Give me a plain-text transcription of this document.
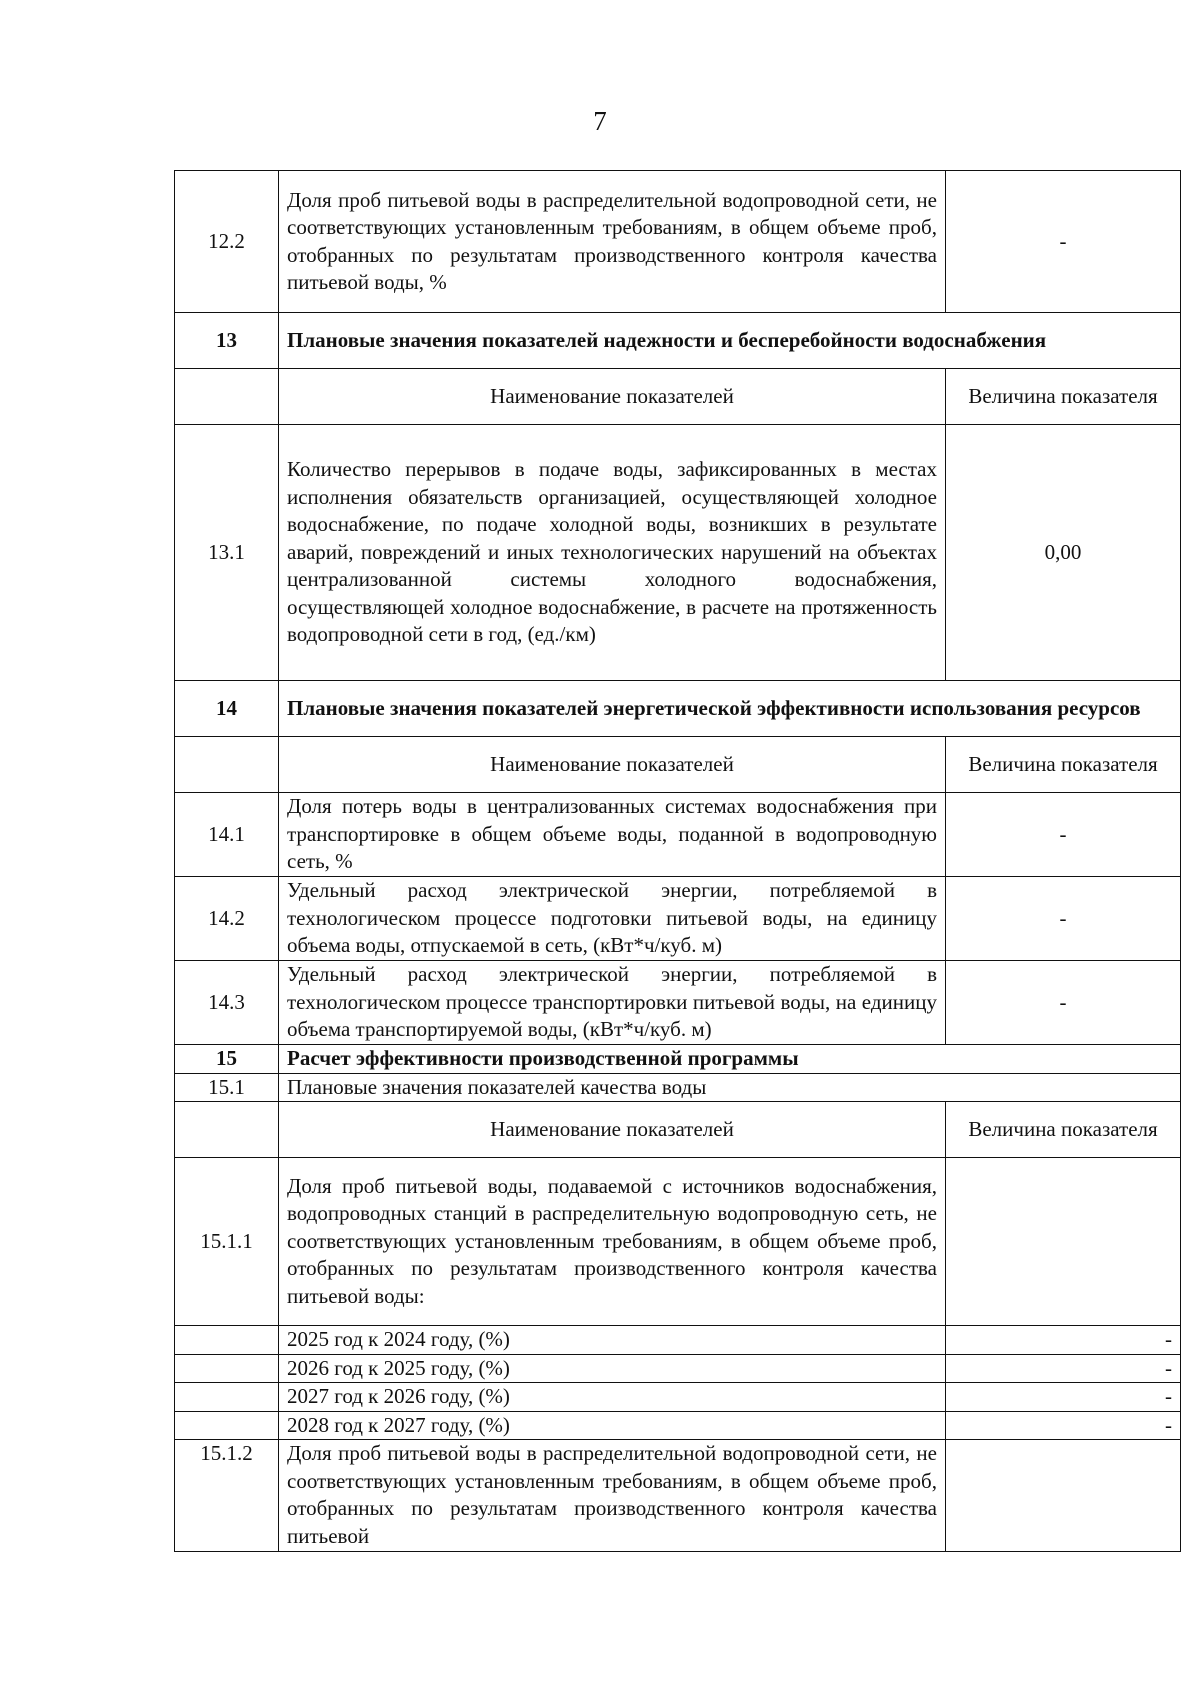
7
12.2	Доля проб питьевой воды в распределительной водопроводной сети, не соответствующих установленным требованиям, в общем объеме проб, отобранных по результатам производственного контроля качества питьевой воды, %	-
13	Плановые значения показателей надежности и бесперебойности водоснабжения	
	Наименование показателей	Величина показателя
13.1	Количество перерывов в подаче воды, зафиксированных в местах исполнения обязательств организацией, осуществляющей холодное водоснабжение, по подаче холодной воды, возникших в результате аварий, повреждений и иных технологических нарушений на объектах централизованной системы холодного водоснабжения, осуществляющей холодное водоснабжение, в расчете на протяженность водопроводной сети в год, (ед./км)	0,00
14	Плановые значения показателей энергетической эффективности использования ресурсов	
	Наименование показателей	Величина показателя
14.1	Доля потерь воды в централизованных системах водоснабжения при транспортировке в общем объеме воды, поданной в водопроводную сеть, %	-
14.2	Удельный расход электрической энергии, потребляемой в технологическом процессе подготовки питьевой воды, на единицу объема воды, отпускаемой в сеть, (кВт*ч/куб. м)	-
14.3	Удельный расход электрической энергии, потребляемой в технологическом процессе транспортировки питьевой воды, на единицу объема транспортируемой воды, (кВт*ч/куб. м)	-
15	Расчет эффективности производственной программы	
15.1	Плановые значения показателей качества воды	
	Наименование показателей	Величина показателя
15.1.1	Доля проб питьевой воды, подаваемой с источников водоснабжения, водопроводных станций в распределительную водопроводную сеть, не соответствующих установленным требованиям, в общем объеме проб, отобранных по результатам производственного контроля качества питьевой воды:	
	2025 год к 2024 году, (%)	-
	2026 год к 2025 году, (%)	-
	2027 год к 2026 году, (%)	-
	2028 год к 2027 году, (%)	-
15.1.2	Доля проб питьевой воды в распределительной водопроводной сети, не соответствующих установленным требованиям, в общем объеме проб, отобранных по результатам производственного контроля качества питьевой	
